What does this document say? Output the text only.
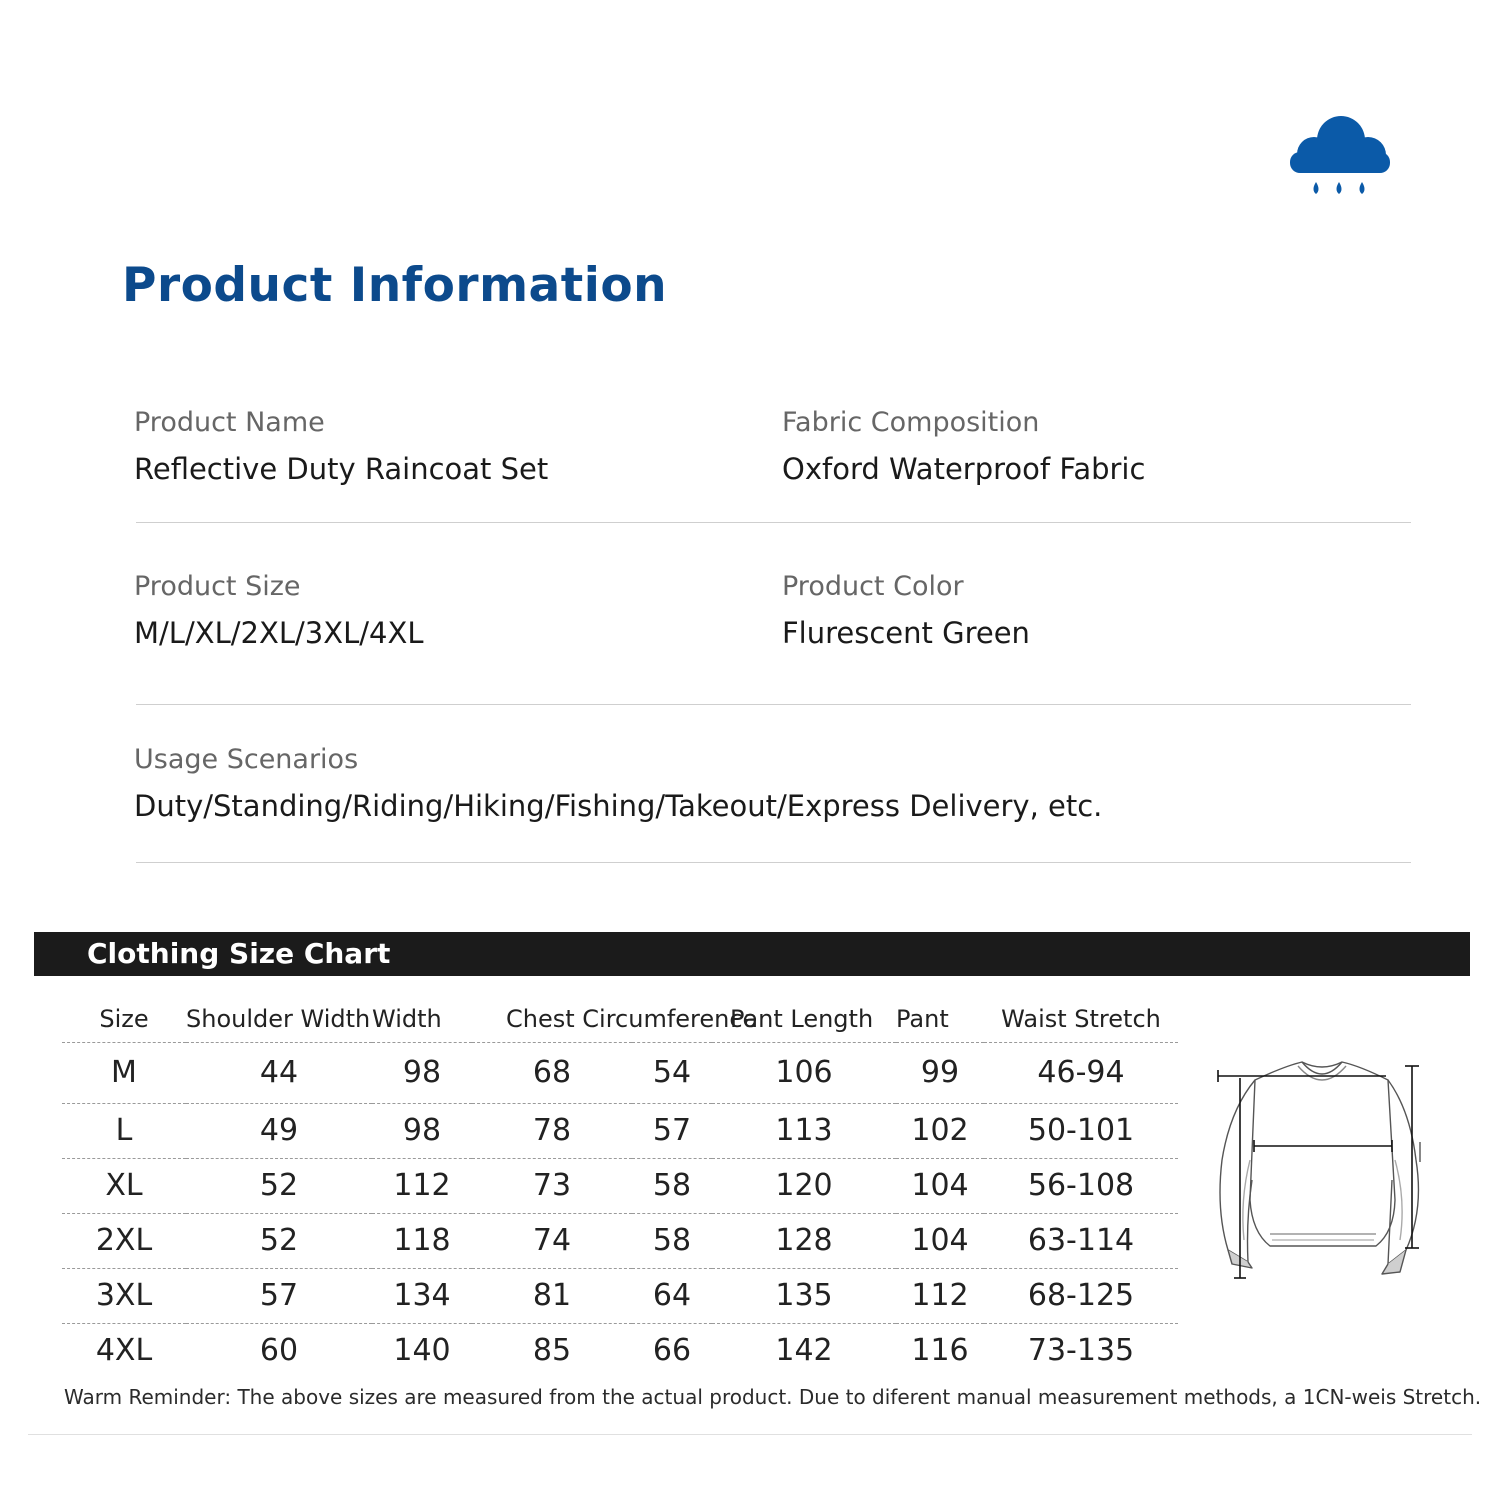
Product Information
Product Name
Reflective Duty Raincoat Set
Fabric Composition
Oxford Waterproof Fabric
Product Size
M/L/XL/2XL/3XL/4XL
Product Color
Flurescent Green
Usage Scenarios
Duty/Standing/Riding/Hiking/Fishing/Takeout/Express Delivery, etc.
Clothing Size Chart
Size	Shoulder Width	Width	Chest Circumference		Pant Length	Pant	Waist Stretch
M	44	98	68	54	106	99	46-94
L	49	98	78	57	113	102	50-101
XL	52	112	73	58	120	104	56-108
2XL	52	118	74	58	128	104	63-114
3XL	57	134	81	64	135	112	68-125
4XL	60	140	85	66	142	116	73-135
Warm Reminder: The above sizes are measured from the actual product. Due to diferent manual measurement methods, a 1CN-weis Stretch.
